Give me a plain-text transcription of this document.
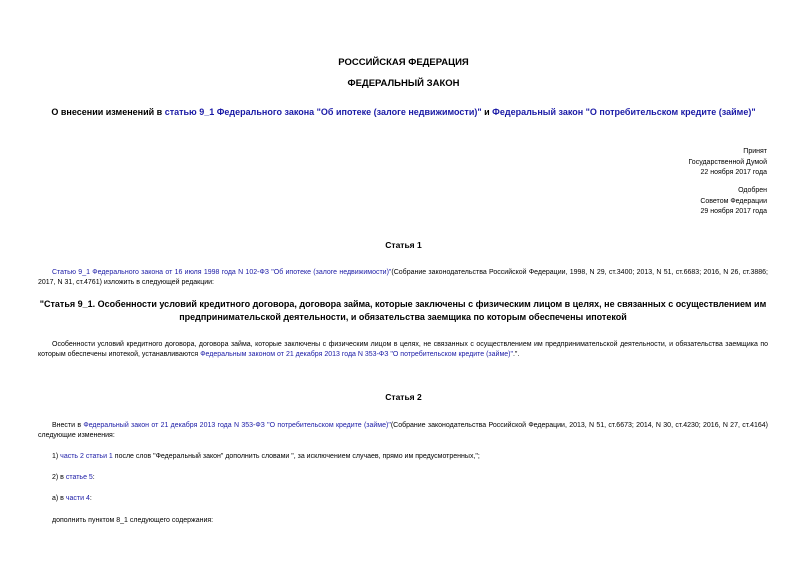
РОССИЙСКАЯ ФЕДЕРАЦИЯ
ФЕДЕРАЛЬНЫЙ ЗАКОН
О внесении изменений в статью 9_1 Федерального закона "Об ипотеке (залоге недвижимости)" и Федеральный закон "О потребительском кредите (займе)"
Принят
Государственной Думой
22 ноября 2017 года
Одобрен
Советом Федерации
29 ноября 2017 года
Статья 1
Статью 9_1 Федерального закона от 16 июля 1998 года N 102-ФЗ "Об ипотеке (залоге недвижимости)"(Собрание законодательства Российской Федерации, 1998, N 29, ст.3400; 2013, N 51, ст.6683; 2016, N 26, ст.3886; 2017, N 31, ст.4761) изложить в следующей редакции:
"Статья 9_1. Особенности условий кредитного договора, договора займа, которые заключены с физическим лицом в целях, не связанных с осуществлением им предпринимательской деятельности, и обязательства заемщика по которым обеспечены ипотекой
Особенности условий кредитного договора, договора займа, которые заключены с физическим лицом в целях, не связанных с осуществлением им предпринимательской деятельности, и обязательства заемщика по которым обеспечены ипотекой, устанавливаются Федеральным законом от 21 декабря 2013 года N 353-ФЗ "О потребительском кредите (займе)".".
Статья 2
Внести в Федеральный закон от 21 декабря 2013 года N 353-ФЗ "О потребительском кредите (займе)"(Собрание законодательства Российской Федерации, 2013, N 51, ст.6673; 2014, N 30, ст.4230; 2016, N 27, ст.4164) следующие изменения:
1) часть 2 статьи 1 после слов "Федеральный закон" дополнить словами ", за исключением случаев, прямо им предусмотренных,";
2) в статье 5:
а) в части 4:
дополнить пунктом 8_1 следующего содержания:
